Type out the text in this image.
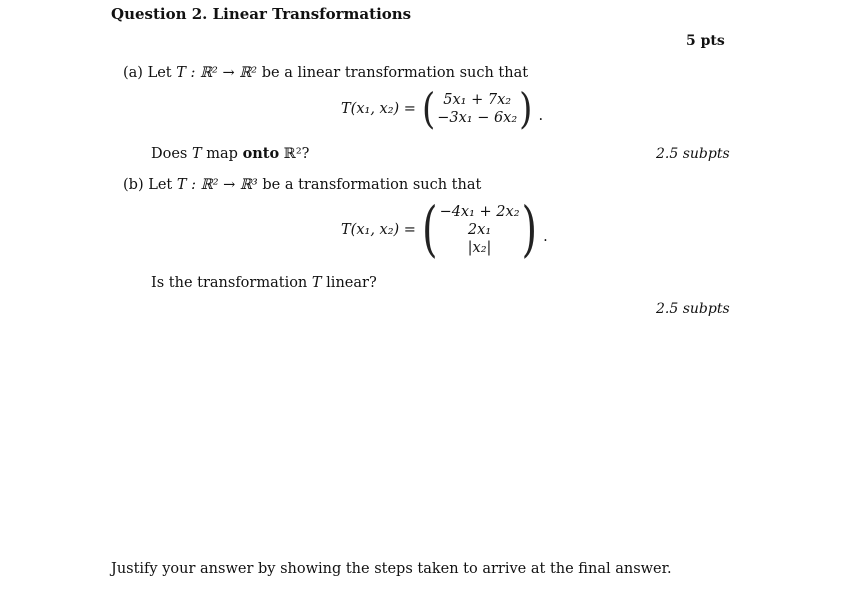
Question 2. Linear Transformations
5 pts
(a) Let T : ℝ² → ℝ² be a linear transformation such that
T(x₁, x₂) = ( 5x₁ + 7x₂
−3x₁ − 6x₂ ) .
Does T map onto ℝ²?	2.5 subpts
(b) Let T : ℝ² → ℝ³ be a transformation such that
T(x₁, x₂) = ( −4x₁ + 2x₂
2x₁
|x₂| ) .
Is the transformation T linear?
2.5 subpts
Justify your answer by showing the steps taken to arrive at the final answer.
